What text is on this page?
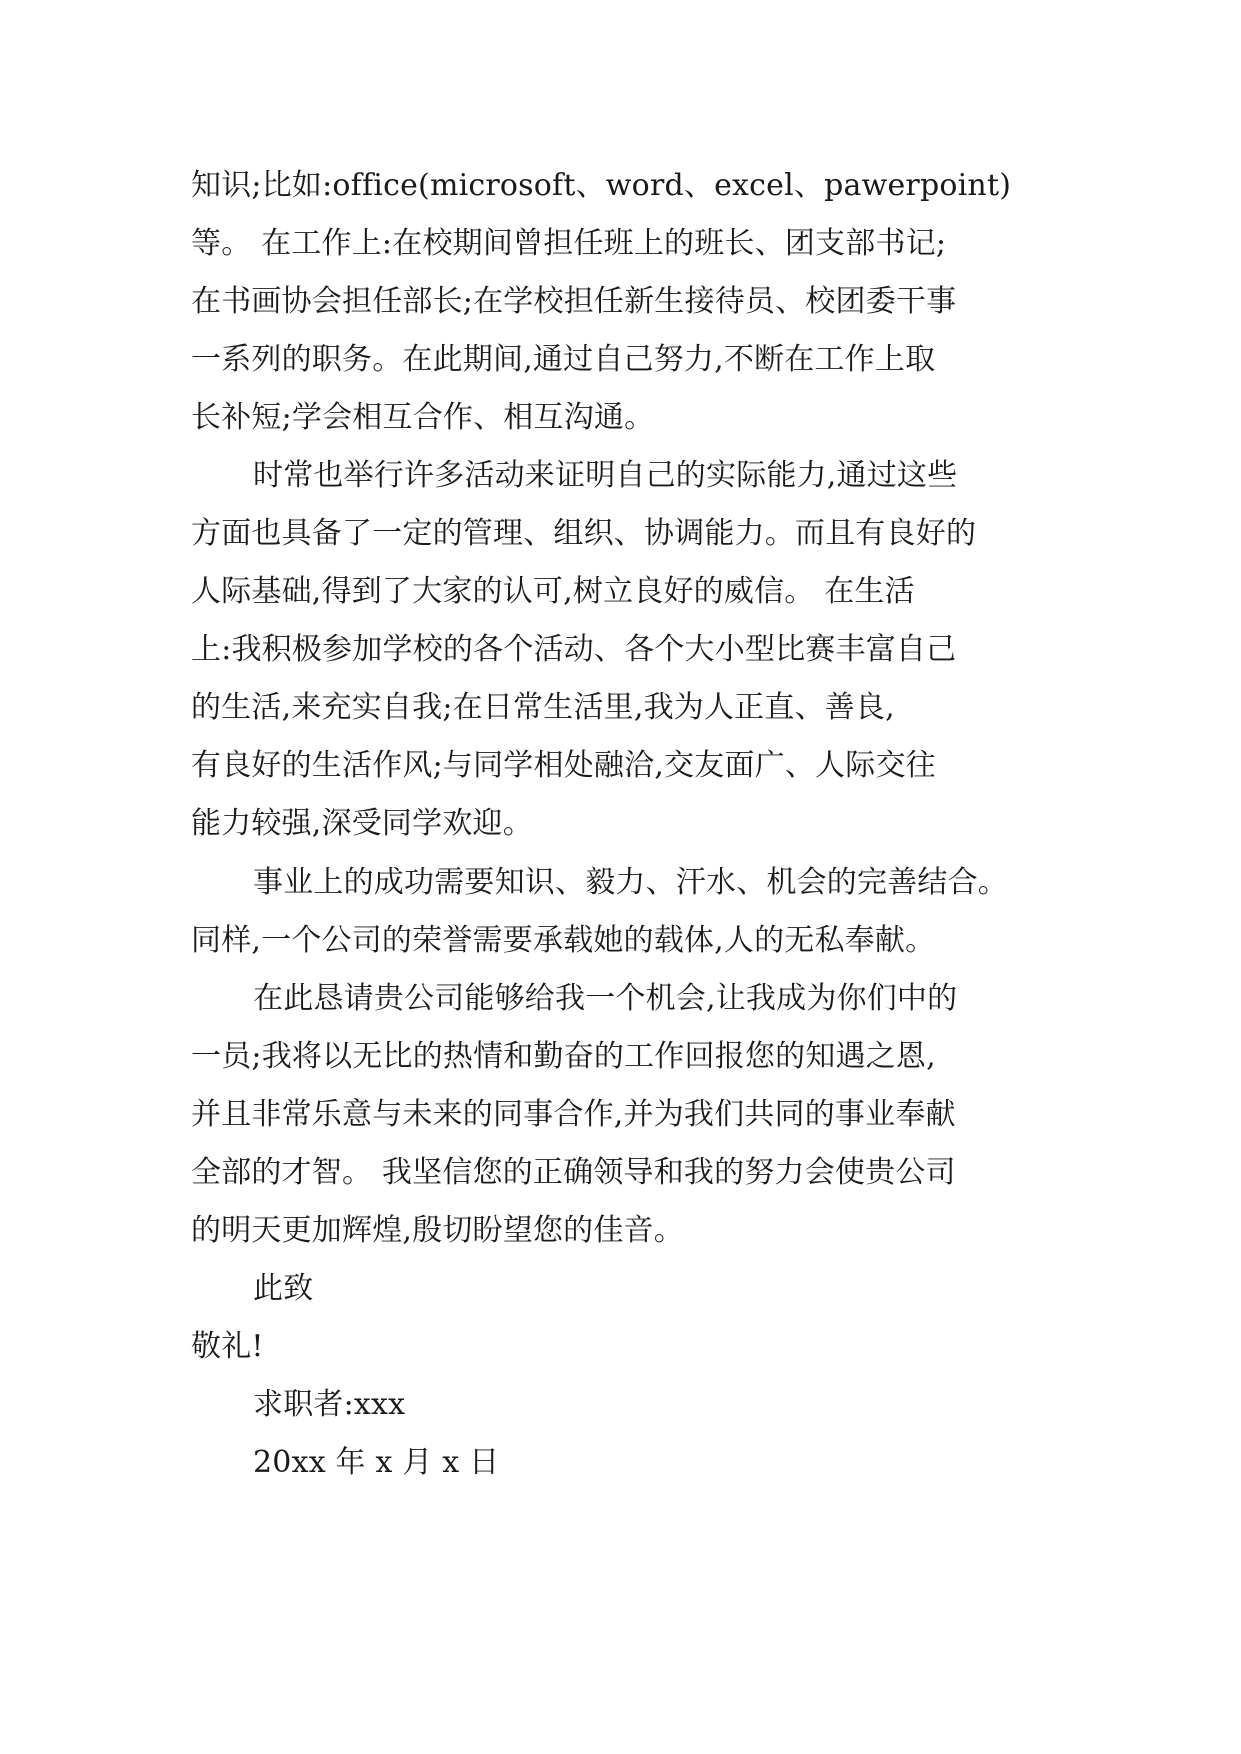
知识;比如:office(microsoft、word、excel、pawerpoint)

等。 在工作上:在校期间曾担任班上的班长、团支部书记;

在书画协会担任部长;在学校担任新生接待员、校团委干事

一系列的职务。在此期间,通过自己努力,不断在工作上取

长补短;学会相互合作、相互沟通。

时常也举行许多活动来证明自己的实际能力,通过这些

方面也具备了一定的管理、组织、协调能力。而且有良好的

人际基础,得到了大家的认可,树立良好的威信。 在生活

上:我积极参加学校的各个活动、各个大小型比赛丰富自己

的生活,来充实自我;在日常生活里,我为人正直、善良,

有良好的生活作风;与同学相处融洽,交友面广、人际交往

能力较强,深受同学欢迎。

事业上的成功需要知识、毅力、汗水、机会的完善结合。

同样,一个公司的荣誉需要承载她的载体,人的无私奉献。

在此恳请贵公司能够给我一个机会,让我成为你们中的

一员;我将以无比的热情和勤奋的工作回报您的知遇之恩,

并且非常乐意与未来的同事合作,并为我们共同的事业奉献

全部的才智。 我坚信您的正确领导和我的努力会使贵公司

的明天更加辉煌,殷切盼望您的佳音。

此致

敬礼!

求职者:xxx

20xx 年 x 月 x 日
